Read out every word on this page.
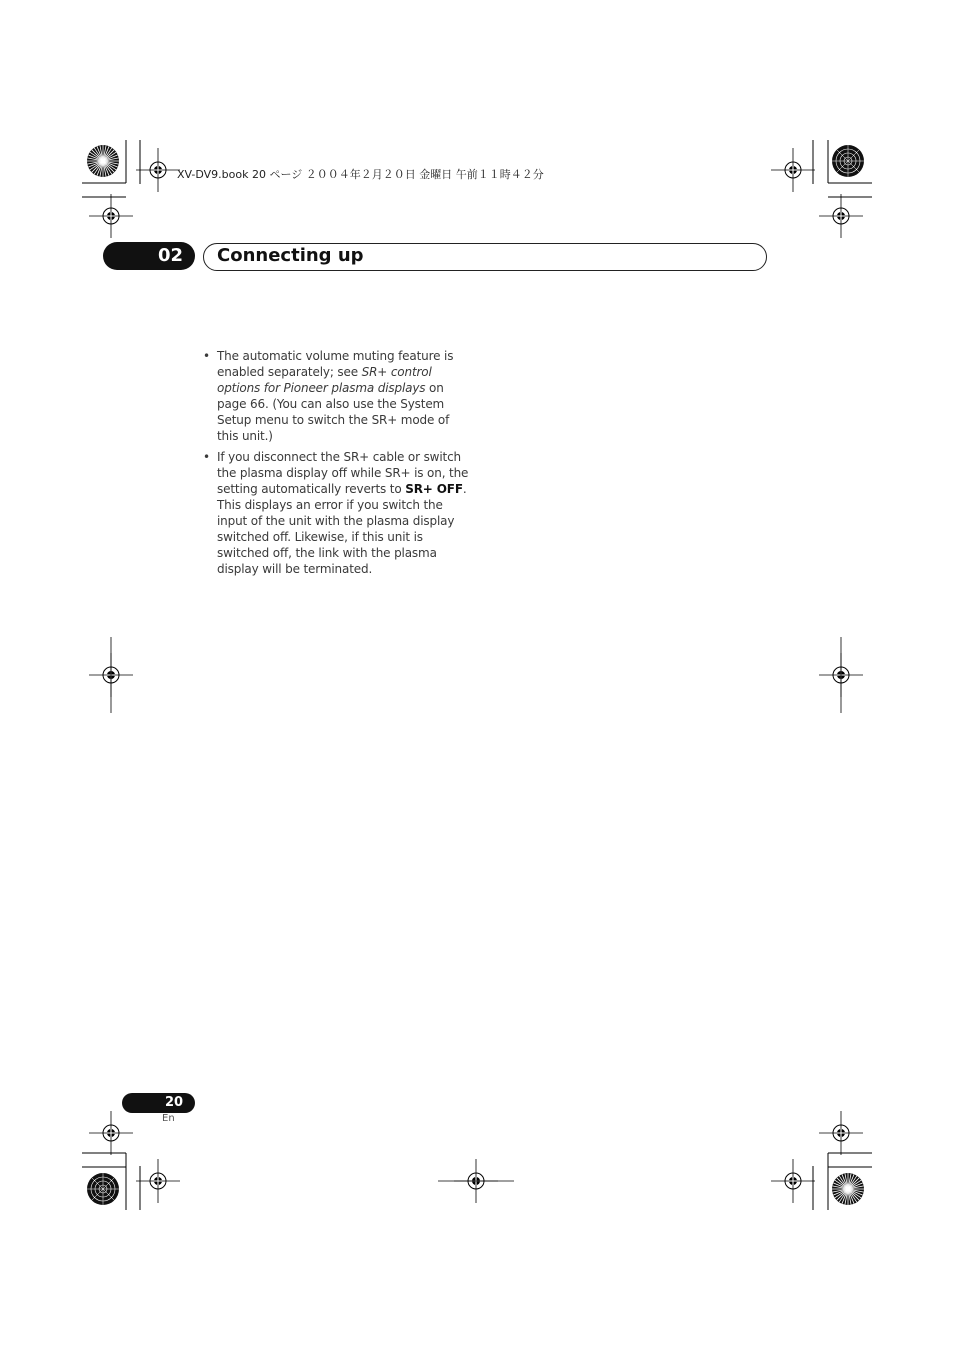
XV-DV9.book 20 ページ ２００４年２月２０日 金曜日 午前１１時４２分
02 Connecting up
• The automatic volume muting feature is enabled separately; see SR+ control options for Pioneer plasma displays on page 66. (You can also use the System Setup menu to switch the SR+ mode of this unit.)
• If you disconnect the SR+ cable or switch the plasma display off while SR+ is on, the setting automatically reverts to SR+ OFF. This displays an error if you switch the input of the unit with the plasma display switched off. Likewise, if this unit is switched off, the link with the plasma display will be terminated.
20
En
